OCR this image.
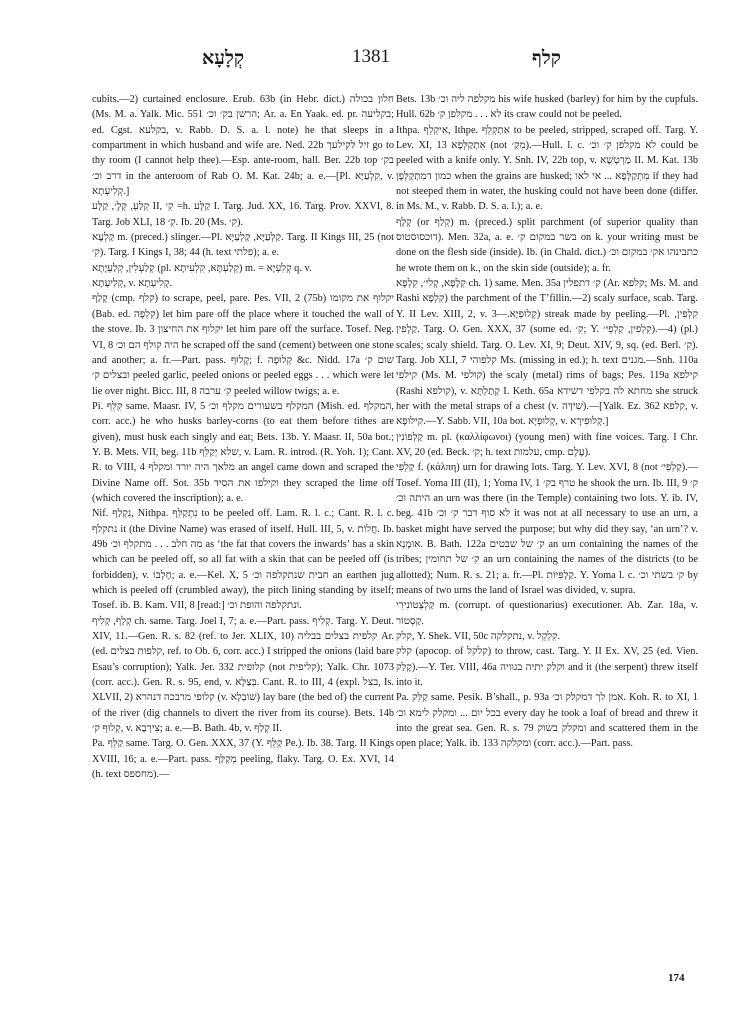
קְלָעָא	1381	קלף

cubits.—2) curtained enclosure. Erub. 63b (in Hebr. dict.) חלון בכולה (Ms. M. a. Yalk. Mic. 551 הרשן בק׳ וכ׳; Ar. a. En Yaak. ed. pr. בקליעה; ed. Cgst. בקלעא, v. Rabb. D. S. a. l. note) he that sleeps in a compartment in which husband and wife are. Ned. 22b זיל לקילעך go to thy room (I cannot help thee).—Esp. ante-room, hall. Ber. 22b top בק׳ דרב וכ׳ in the anteroom of Rab O. M. Kat. 24b; a. e.—[Pl. קִלְעַיָּא, v. קְלִיעְתָא.]

קְלַעְ, קְלָ׳, קַלָּע II, קִ׳ =h. קַלָּע I. Targ. Jud. XX, 16. Targ. Prov. XXVI, 8. Targ. Job XLI, 18 קִ׳. Ib. 20 (Ms. קִ׳).

קַלְעָא m. (preced.) slinger.—Pl. קַלְעַיָּא, קַלְעַיָּא. Targ. II Kings III, 25 (not קִ׳). Targ. I Kings I, 38; 44 (h. text פלתי); a. e.

קְלַעְלִין, קְלַעְיָתָא (pl. קְלַעְתָּא, קִלְעִיתָא) m. = קְלִעְיָא q. v.

קְלִיעְתָא, v. קְלִיעְתָא.

קָלַף (cmp. קלף) to scrape, peel, pare. Pes. VII, 2 (75b) יקלוף את מקומו (Bab. ed. קִלְפָה) let him pare off the place where it touched the wall of the stove. Ib. 3 יקלוף את החיצון let him pare off the surface. Tosef. Neg. VI, 8 היה קולף הם וכ׳ he scraped off the sand (cement) between one stone and another; a. fr.—Part. pass. קָלוּף; f. קְלוּפָה &c. Nidd. 17a שום ק׳ ובצלים ק׳ peeled garlic, peeled onions or peeled eggs . . . which were let lie over night. Bicc. III, 8 ק׳ ערבה peeled willow twigs; a. e.

Pi. קִלֵּף same. Maasr. IV, 5 המקלף בשעורים מקלף וכ׳ (Mish. ed. המקלף, corr. acc.) he who husks barley-corns (to eat them before tithes are given), must husk each singly and eat; Bets. 13b. Y. Maasr. II, 50a bot.; Y. B. Mets. VII, beg. 11b שלא יְקַלֵּף, v. Lam. R. introd. (R. Yoh. 1); Cant. R. to VIII, 4 מלאך היה יורד ומקלף an angel came down and scraped the Divine Name off. Sot. 35b וקילפו את הסיד they scraped the lime off (which covered the inscription); a. e.

Nif. נִקְלַף, Nithpa. נִתְקַלֵּף to be peeled off. Lam. R. l. c.; Cant. R. l. c. נתקלף it (the Divine Name) was erased of itself. Hull. III, 5, v. חֲלוֹת. Ib. 49b מה חלב . . . מתקלף וכ׳ as ‘the fat that covers the inwards’ has a skin which can be peeled off, so all fat with a skin that can be peeled off (is forbidden), v. חֶלְבּוֹ; a. e.—Kel. X, 5 חבית שנתקלפה וכ׳ an earthen jug which is peeled off (crumbled away), the pitch lining standing by itself; Tosef. ib. B. Kam. VII, 8 [read:] ונתקלפה והופת וכ׳.

קְלַף, קְלִיף ch. same. Targ. Joel I, 7; a. e.—Part. pass. קְלִיף. Targ. Y. Deut. XIV, 11.—Gen. R. s. 82 (ref. to Jer. XLIX, 10) קלפית בצלים בבליה Ar. (ed. קלפות בצלים, ref. to Ob. 6, corr. acc.) I stripped the onions (laid bare Esau’s corruption); Yalk. Jer. 332 קלופית (not קליפית); Yalk. Chr. 1073 (corr. acc.). Gen. R. s. 95, end, v. בְּצַלָּא. Cant. R. to III, 4 (expl. בצל, Is. XLVII, 2) קלופי מרבכה דנהרא (v. שׁוֹבְלָא) lay bare (the bed of) the current of the river (dig channels to divert the river from its course). Bets. 14b קְלוּף ק׳, v. צִירְבָא; a. e.—B. Bath. 4b, v. קְלַף II.

Pa. קַלֵּף same. Targ. O. Gen. XXX, 37 (Y. קַלֵּף Pe.). Ib. 38. Targ. II Kings XVIII, 16; a. e.—Part. pass. מְקַלַּף peeling, flaky. Targ. O. Ex. XVI, 14 (h. text מחספס).—

Bets. 13b מקלפה ליה וכ׳ his wife husked (barley) for him by the cupfuls. Hull. 62b לא . . . מקלפן ק׳ its craw could not be peeled.

Ithpa. אִיקְלֵף, Ithpe. אִתְקְלֵף to be peeled, stripped, scraped off. Targ. Y. Lev. XI, 13 אִתְקַלְּפָא (not מִקַ׳).—Hull. l. c. לא מקלפן ק׳ וכ׳ could be peeled with a knife only. Y. Snh. IV, 22b top, v. מַרְטְשָׁא II. M. Kat. 13b כמון דמִתְקַלְּפָן when the grains are husked; מִתְקַלְּפָא ... אי לאו if they had not steeped them in water, the husking could not have been done (differ. in Ms. M., v. Rabb. D. S. a. l.); a. e.

קְלָף (or קְלַף) m. (preced.) split parchment (of superior quality than דוכסוסטוס). Men. 32a, a. e. בשר במקום ק׳ on k. your writing must be done on the flesh side (inside). Ib. (in Chald. dict.) כתבינהו אק׳ במקום וכ׳ he wrote them on k., on the skin side (outside); a. fr.

קְלָפָא, קְלִי׳, קִלְפָא ch. 1) same. Men. 35a ק׳ דתפלין (Ar. קלפא; Ms. M. and Rashi קִלְפָא) the parchment of the T’fillin.—2) scaly surface, scab. Targ. Y. II Lev. XIII, 2, v. קְלוּפְיָא.—3) streak made by peeling.—Pl. קִלְפִין, קַלְפִין. Targ. O. Gen. XXX, 37 (some ed. קִ׳; Y. קִלְפִין, קַלְפֵי׳).—4) (pl.) scales; scaly shield. Targ. O. Lev. XI, 9; Deut. XIV, 9, sq. (ed. Berl. קִ׳). Targ. Job XLI, 7 קלפוהי Ms. (missing in ed.); h. text מגנים.—Snh. 110a קילפי (Ms. M. קולפי) the scaly (metal) rims of bags; Pes. 119a קילפא (Rashi קולפא), v. קְתַלְתָּא I. Keth. 65a מחתא לה בקלפי דשידא she struck her with the metal straps of a chest (v. שִׁידָּה).—[Yalk. Ez. 362 קלפא, v. קִילוּפָא.—Y. Sabb. VII, 10a bot. קְלוּפְיָא, v. קְלוּפִירָא.]

קַלְפוֹנִין m. pl. (καλλίφωνοι) (young men) with fine voices. Targ. I Chr. XV, 20 (ed. Beck. קִ׳; h. text עלמות, cmp. עֶלֶם).

קַלְפִּי f. (κάλπη) urn for drawing lots. Targ. Y. Lev. XVI, 8 (not קַלְפֵי׳).—Tosef. Yoma III (II), 1; Yoma IV, 1 טרף בק׳ he shook the urn. Ib. III, 9 ק׳ היתה וכ׳ an urn was there (in the Temple) containing two lots. Y. ib. IV, beg. 41b לא סוף דבר ק׳ וכ׳ it was not at all necessary to use an urn, a basket might have served the purpose; but why did they say, ‘an urn’? v. אוּמָנָא. B. Bath. 122a ק׳ של שבטים an urn containing the names of the tribes; ק׳ של תחומין an urn containing the names of the districts (to be allotted); Num. R. s. 21; a. fr.—Pl. קַלְפִּיּוֹת. Y. Yoma l. c. ק׳ בשתי וכ׳ by means of two urns the land of Israel was divided, v. supra.

קַלְצְטוֹנִירִי m. (corrupt. of questionarius) executioner. Ab. Zar. 18a, v. קַסְטוֹר.

קלק, Y. Shek. VII, 50c נתקלקה, v. קִלְקֵל.

קלק (apocop. of קלקל) to throw, cast. Targ. Y. II Ex. XV, 25 (ed. Vien. קָלַק).—Y. Ter. VIII, 46a וקלק יתיה בגוויה and it (the serpent) threw itself into it.

Pa. קַלֵּק same. Pesik. B’shall., p. 93a אמן לך דמקלק וכ׳. Koh. R. to XI, 1 בכל יום ... ומקלק לימא וכ׳ every day he took a loaf of bread and threw it into the great sea. Gen. R. s. 79 ומקלק בשוק and scattered them in the open place; Yalk. ib. 133 ומקלקה (corr. acc.).—Part. pass.

174
